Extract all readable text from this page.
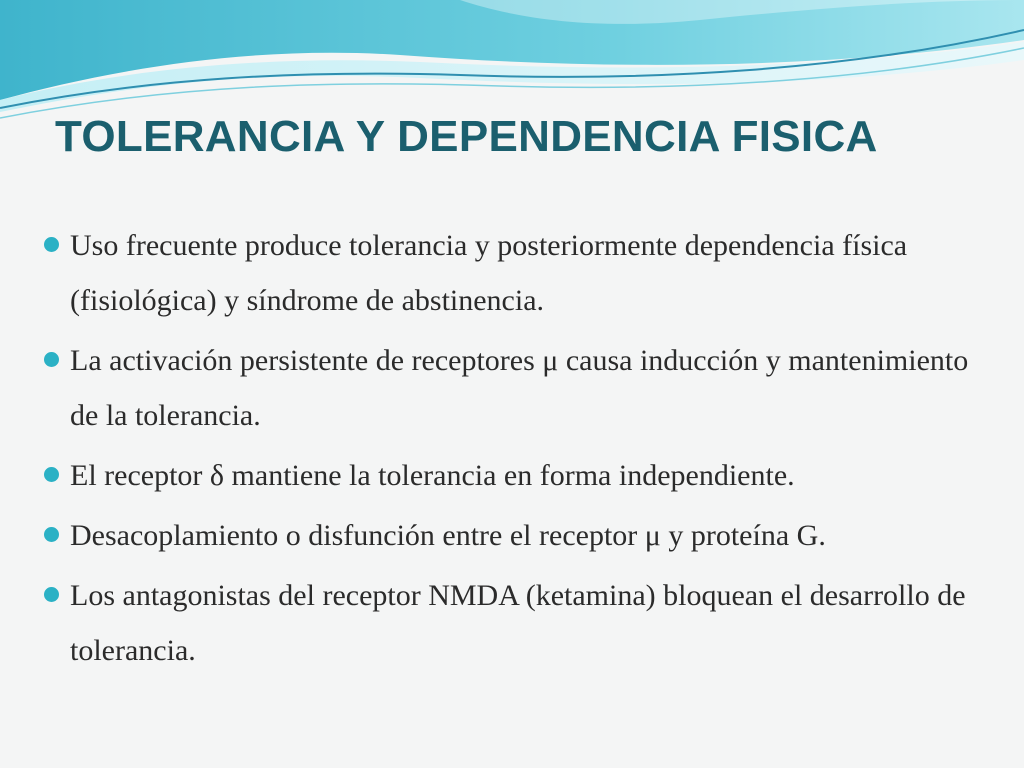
TOLERANCIA Y DEPENDENCIA FISICA
Uso frecuente produce tolerancia y posteriormente dependencia física (fisiológica) y síndrome de abstinencia.
La activación persistente de receptores μ causa inducción y mantenimiento de la tolerancia.
El receptor δ mantiene la tolerancia en forma independiente.
Desacoplamiento o disfunción entre el receptor μ y proteína G.
Los antagonistas del receptor NMDA (ketamina) bloquean el desarrollo de tolerancia.
